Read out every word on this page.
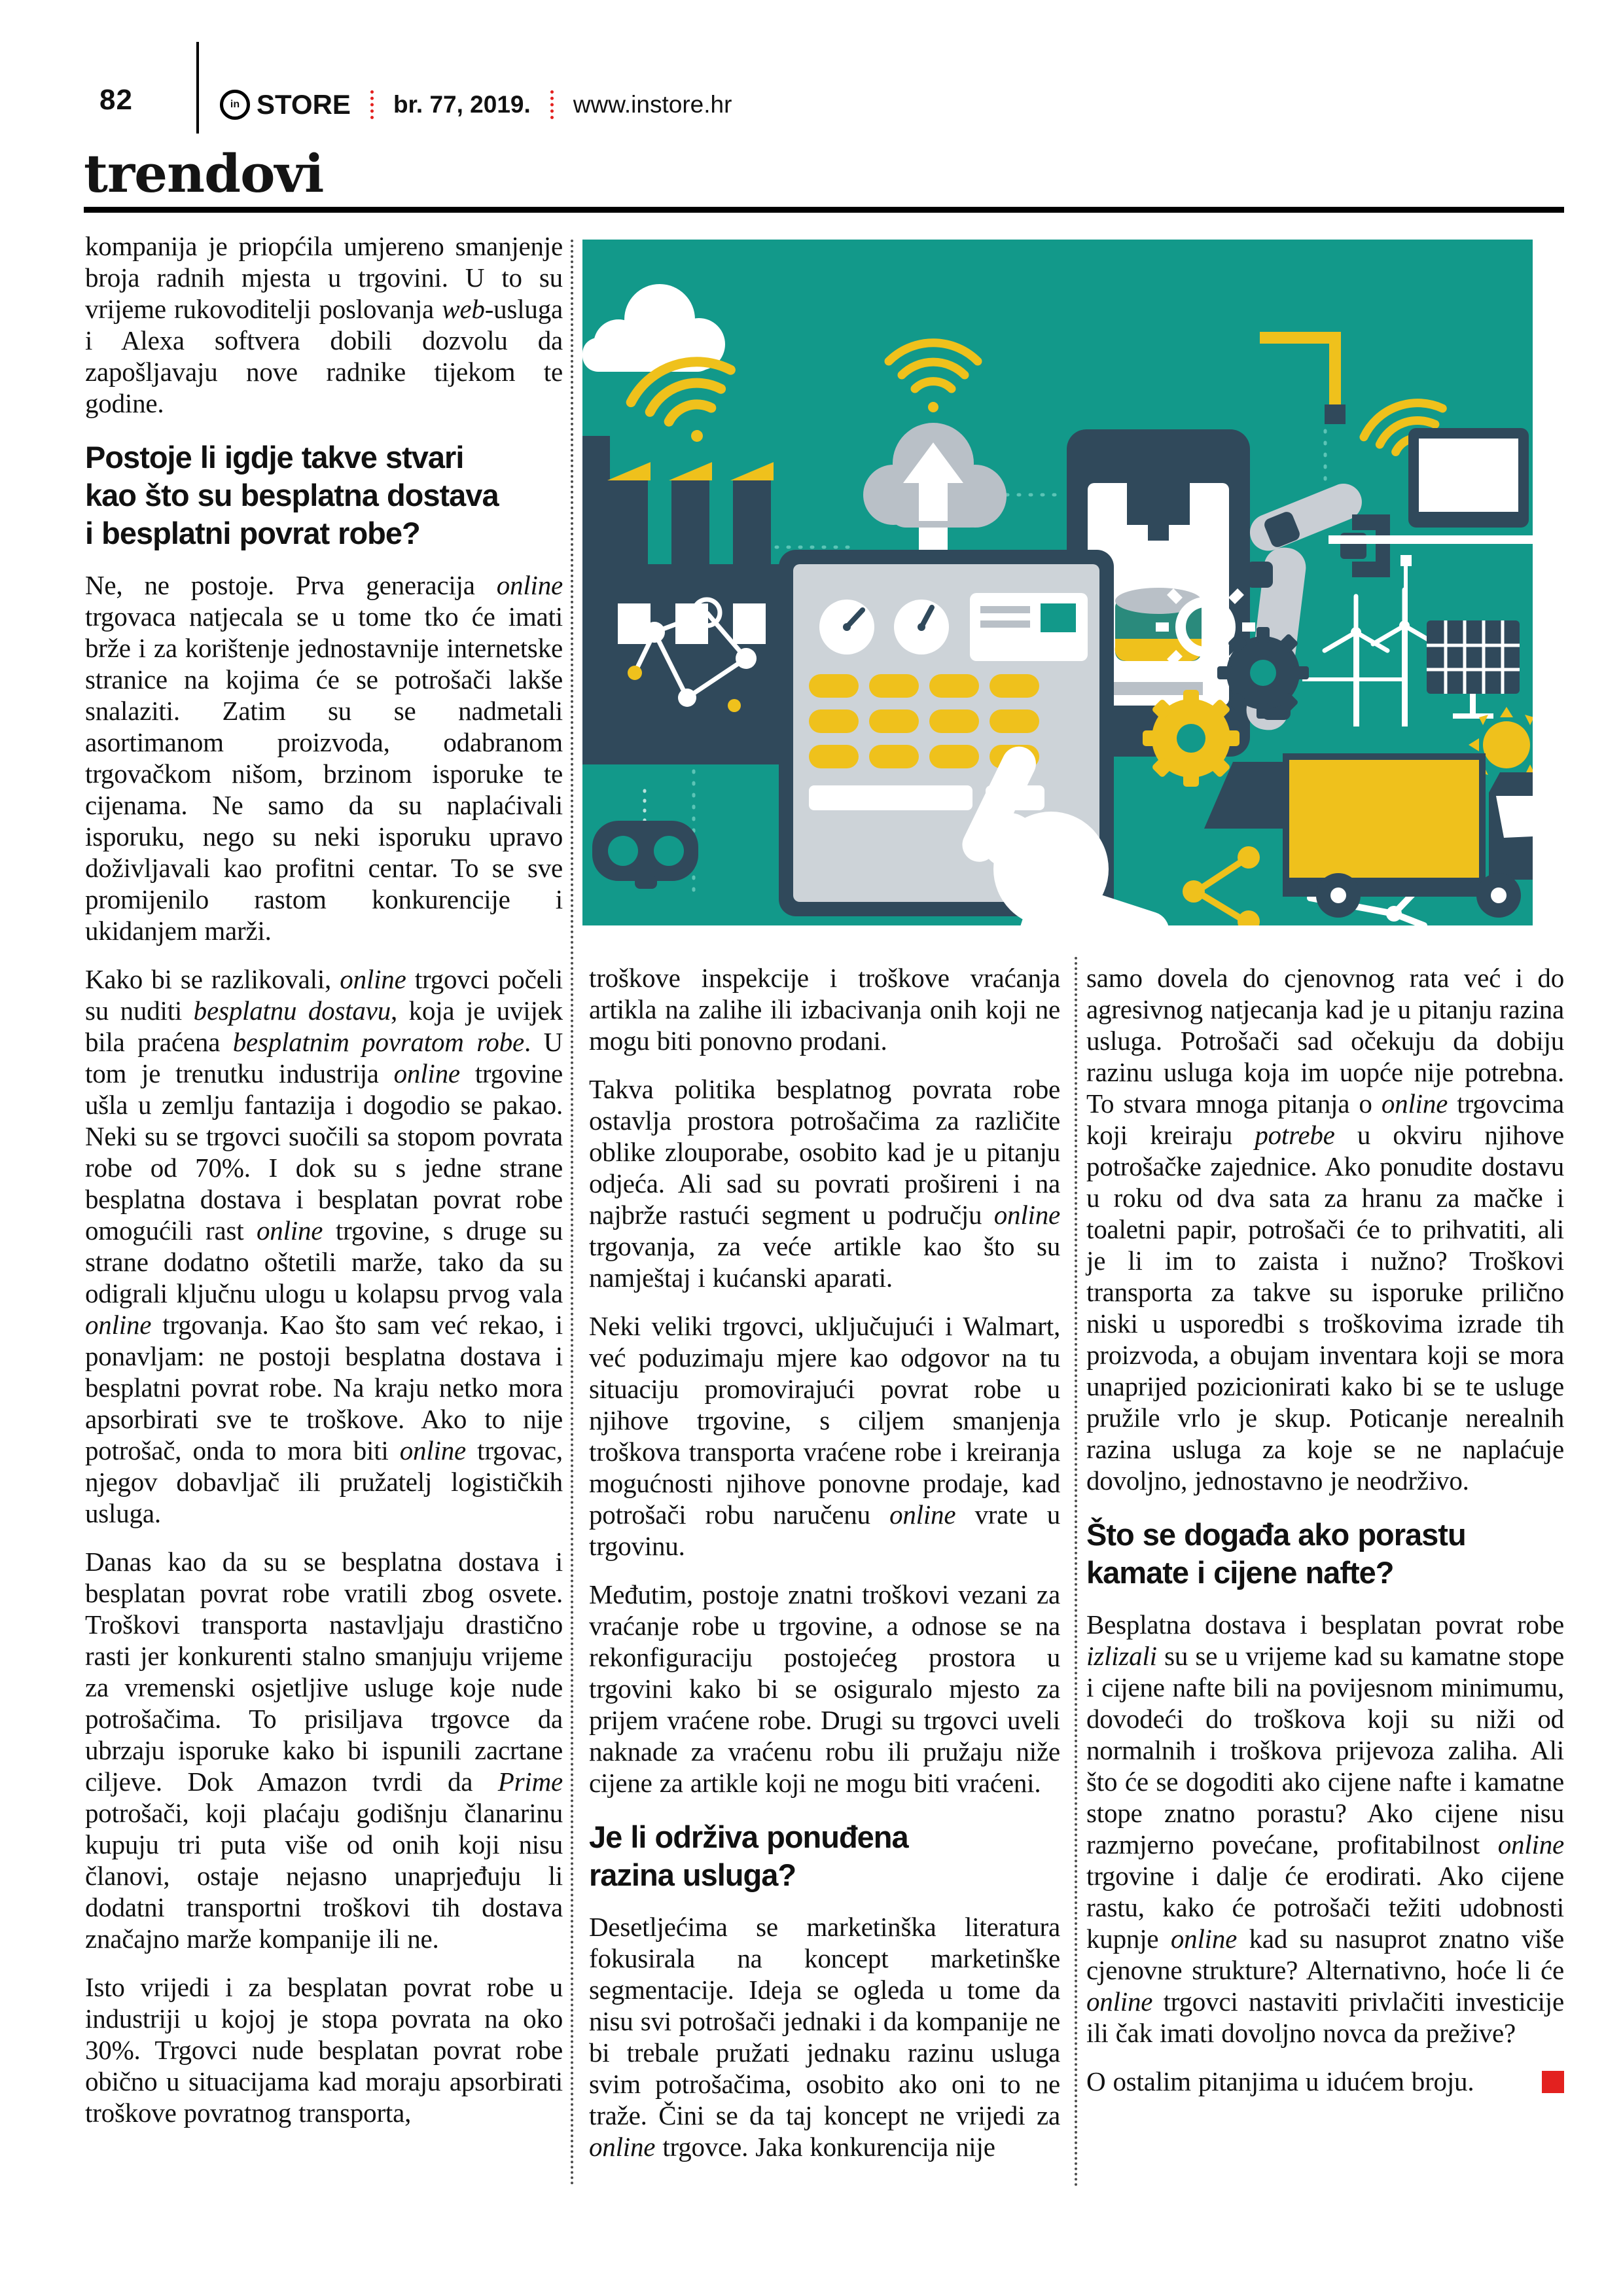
82	in STORE br. 77, 2019. www.instore.hr
trendovi

kompanija je priopćila umjereno smanjenje broja radnih mjesta u trgovini. U to su vrijeme rukovoditelji poslovanja web-usluga i Alexa softvera dobili dozvolu da zapošljavaju nove radnike tijekom te godine.

Postoje li igdje takve stvari
kao što su besplatna dostava
i besplatni povrat robe?

Ne, ne postoje. Prva generacija online trgovaca natjecala se u tome tko će imati brže i za korištenje jednostavnije internetske stranice na kojima će se potrošači lakše snalaziti. Zatim su se nadmetali asortimanom proizvoda, odabranom trgovačkom nišom, brzinom isporuke te cijenama. Ne samo da su naplaćivali isporuku, nego su neki isporuku upravo doživljavali kao profitni centar. To se sve promijenilo rastom konkurencije i ukidanjem marži.

Kako bi se razlikovali, online trgovci počeli su nuditi besplatnu dostavu, koja je uvijek bila praćena besplatnim povratom robe. U tom je trenutku industrija online trgovine ušla u zemlju fantazija i dogodio se pakao. Neki su se trgovci suočili sa stopom povrata robe od 70%. I dok su s jedne strane besplatna dostava i besplatan povrat robe omogućili rast online trgovine, s druge su strane dodatno oštetili marže, tako da su odigrali ključnu ulogu u kolapsu prvog vala online trgovanja. Kao što sam već rekao, i ponavljam: ne postoji besplatna dostava i besplatni povrat robe. Na kraju netko mora apsorbirati sve te troškove. Ako to nije potrošač, onda to mora biti online trgovac, njegov dobavljač ili pružatelj logističkih usluga.

Danas kao da su se besplatna dostava i besplatan povrat robe vratili zbog osvete. Troškovi transporta nastavljaju drastično rasti jer konkurenti stalno smanjuju vrijeme za vremenski osjetljive usluge koje nude potrošačima. To prisiljava trgovce da ubrzaju isporuke kako bi ispunili zacrtane ciljeve. Dok Amazon tvrdi da Prime potrošači, koji plaćaju godišnju članarinu kupuju tri puta više od onih koji nisu članovi, ostaje nejasno unaprjeđuju li dodatni transportni troškovi tih dostava značajno marže kompanije ili ne.

Isto vrijedi i za besplatan povrat robe u industriji u kojoj je stopa povrata na oko 30%. Trgovci nude besplatan povrat robe obično u situacijama kad moraju apsorbirati troškove povratnog transporta,

troškove inspekcije i troškove vraćanja artikla na zalihe ili izbacivanja onih koji ne mogu biti ponovno prodani.

Takva politika besplatnog povrata robe ostavlja prostora potrošačima za različite oblike zlouporabe, osobito kad je u pitanju odjeća. Ali sad su povrati prošireni i na najbrže rastući segment u području online trgovanja, za veće artikle kao što su namještaj i kućanski aparati.

Neki veliki trgovci, uključujući i Walmart, već poduzimaju mjere kao odgovor na tu situaciju promovirajući povrat robe u njihove trgovine, s ciljem smanjenja troškova transporta vraćene robe i kreiranja mogućnosti njihove ponovne prodaje, kad potrošači robu naručenu online vrate u trgovinu.

Međutim, postoje znatni troškovi vezani za vraćanje robe u trgovine, a odnose se na rekonfiguraciju postojećeg prostora u trgovini kako bi se osiguralo mjesto za prijem vraćene robe. Drugi su trgovci uveli naknade za vraćenu robu ili pružaju niže cijene za artikle koji ne mogu biti vraćeni.

Je li održiva ponuđena
razina usluga?

Desetljećima se marketinška literatura fokusirala na koncept marketinške segmentacije. Ideja se ogleda u tome da nisu svi potrošači jednaki i da kompanije ne bi trebale pružati jednaku razinu usluga svim potrošačima, osobito ako oni to ne traže. Čini se da taj koncept ne vrijedi za online trgovce. Jaka konkurencija nije

samo dovela do cjenovnog rata već i do agresivnog natjecanja kad je u pitanju razina usluga. Potrošači sad očekuju da dobiju razinu usluga koja im uopće nije potrebna. To stvara mnoga pitanja o online trgovcima koji kreiraju potrebe u okviru njihove potrošačke zajednice. Ako ponudite dostavu u roku od dva sata za hranu za mačke i toaletni papir, potrošači će to prihvatiti, ali je li im to zaista i nužno? Troškovi transporta za takve su isporuke prilično niski u usporedbi s troškovima izrade tih proizvoda, a obujam inventara koji se mora unaprijed pozicionirati kako bi se te usluge pružile vrlo je skup. Poticanje nerealnih razina usluga za koje se ne naplaćuje dovoljno, jednostavno je neodrživo.

Što se događa ako porastu
kamate i cijene nafte?

Besplatna dostava i besplatan povrat robe izlizali su se u vrijeme kad su kamatne stope i cijene nafte bili na povijesnom minimumu, dovodeći do troškova koji su niži od normalnih i troškova prijevoza zaliha. Ali što će se dogoditi ako cijene nafte i kamatne stope znatno porastu? Ako cijene nisu razmjerno povećane, profitabilnost online trgovine i dalje će erodirati. Ako cijene rastu, kako će potrošači težiti udobnosti kupnje online kad su nasuprot znatno više cjenovne strukture? Alternativno, hoće li će online trgovci nastaviti privlačiti investicije ili čak imati dovoljno novca da prežive?

O ostalim pitanjima u idućem broju.
